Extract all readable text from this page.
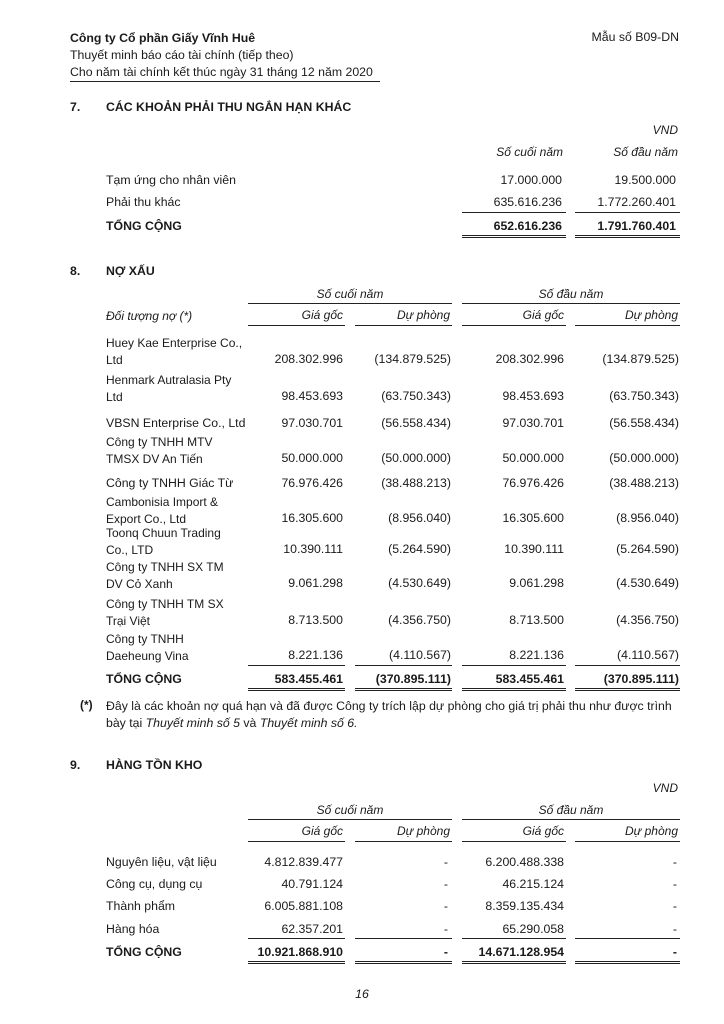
Công ty Cổ phần Giấy Vĩnh Huê
Thuyết minh báo cáo tài chính (tiếp theo)
Cho năm tài chính kết thúc ngày 31 tháng 12 năm 2020
Mẫu số B09-DN
7. CÁC KHOẢN PHẢI THU NGẮN HẠN KHÁC
VND
Số cuối năm	Số đầu năm
Tạm ứng cho nhân viên	17.000.000	19.500.000
Phải thu khác	635.616.236	1.772.260.401
TỔNG CỘNG	652.616.236	1.791.760.401
8. NỢ XẤU
Số cuối năm	Số đầu năm
Đối tượng nợ (*)	Giá gốc	Dự phòng	Giá gốc	Dự phòng
Huey Kae Enterprise Co.,
Ltd	208.302.996	(134.879.525)	208.302.996	(134.879.525)
Henmark Autralasia Pty
Ltd	98.453.693	(63.750.343)	98.453.693	(63.750.343)
VBSN Enterprise Co., Ltd	97.030.701	(56.558.434)	97.030.701	(56.558.434)
Công ty TNHH MTV
TMSX DV An Tiến	50.000.000	(50.000.000)	50.000.000	(50.000.000)
Công ty TNHH Giác Từ	76.976.426	(38.488.213)	76.976.426	(38.488.213)
Cambonisia Import &
Export Co., Ltd	16.305.600	(8.956.040)	16.305.600	(8.956.040)
Toonq Chuun Trading
Co., LTD	10.390.111	(5.264.590)	10.390.111	(5.264.590)
Công ty TNHH SX TM
DV Cỏ Xanh	9.061.298	(4.530.649)	9.061.298	(4.530.649)
Công ty TNHH TM SX
Trại Việt	8.713.500	(4.356.750)	8.713.500	(4.356.750)
Công ty TNHH
Daeheung Vina	8.221.136	(4.110.567)	8.221.136	(4.110.567)
TỔNG CỘNG	583.455.461	(370.895.111)	583.455.461	(370.895.111)
(*) Đây là các khoản nợ quá hạn và đã được Công ty trích lập dự phòng cho giá trị phải thu như được trình
bày tại Thuyết minh số 5 và Thuyết minh số 6.
9. HÀNG TỒN KHO
VND
Số cuối năm	Số đầu năm
Giá gốc	Dự phòng	Giá gốc	Dự phòng
Nguyên liệu, vật liệu	4.812.839.477	-	6.200.488.338	-
Công cụ, dụng cụ	40.791.124	-	46.215.124	-
Thành phẩm	6.005.881.108	-	8.359.135.434	-
Hàng hóa	62.357.201	-	65.290.058	-
TỔNG CỘNG	10.921.868.910	-	14.671.128.954	-
16
